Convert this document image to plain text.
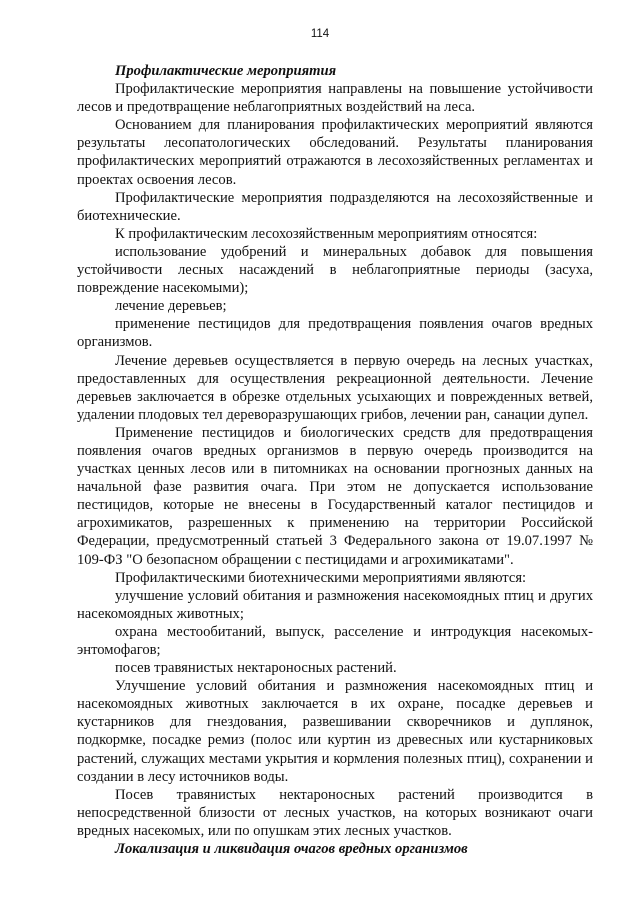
114

Профилактические мероприятия

Профилактические мероприятия направлены на повышение устойчивости лесов и предотвращение неблагоприятных воздействий на леса.

Основанием для планирования профилактических мероприятий являются результаты лесопатологических обследований. Результаты планирования профилактических мероприятий отражаются в лесохозяйственных регламентах и проектах освоения лесов.

Профилактические мероприятия подразделяются на лесохозяйственные и биотехнические.

К профилактическим лесохозяйственным мероприятиям относятся:

использование удобрений и минеральных добавок для повышения устойчивости лесных насаждений в неблагоприятные периоды (засуха, повреждение насекомыми);

лечение деревьев;

применение пестицидов для предотвращения появления очагов вредных организмов.

Лечение деревьев осуществляется в первую очередь на лесных участках, предоставленных для осуществления рекреационной деятельности. Лечение деревьев заключается в обрезке отдельных усыхающих и поврежденных ветвей, удалении плодовых тел дереворазрушающих грибов, лечении ран, санации дупел.

Применение пестицидов и биологических средств для предотвращения появления очагов вредных организмов в первую очередь производится на участках ценных лесов или в питомниках на основании прогнозных данных на начальной фазе развития очага. При этом не допускается использование пестицидов, которые не внесены в Государственный каталог пестицидов и агрохимикатов, разрешенных к применению на территории Российской Федерации, предусмотренный статьей 3 Федерального закона от 19.07.1997 № 109-ФЗ "О безопасном обращении с пестицидами и агрохимикатами".

Профилактическими биотехническими мероприятиями являются:

улучшение условий обитания и размножения насекомоядных птиц и других насекомоядных животных;

охрана местообитаний, выпуск, расселение и интродукция насекомых-энтомофагов;

посев травянистых нектароносных растений.

Улучшение условий обитания и размножения насекомоядных птиц и насекомоядных животных заключается в их охране, посадке деревьев и кустарников для гнездования, развешивании скворечников и дуплянок, подкормке, посадке ремиз (полос или куртин из древесных или кустарниковых растений, служащих местами укрытия и кормления полезных птиц), сохранении и создании в лесу источников воды.

Посев травянистых нектароносных растений производится в непосредственной близости от лесных участков, на которых возникают очаги вредных насекомых, или по опушкам этих лесных участков.

Локализация и ликвидация очагов вредных организмов
